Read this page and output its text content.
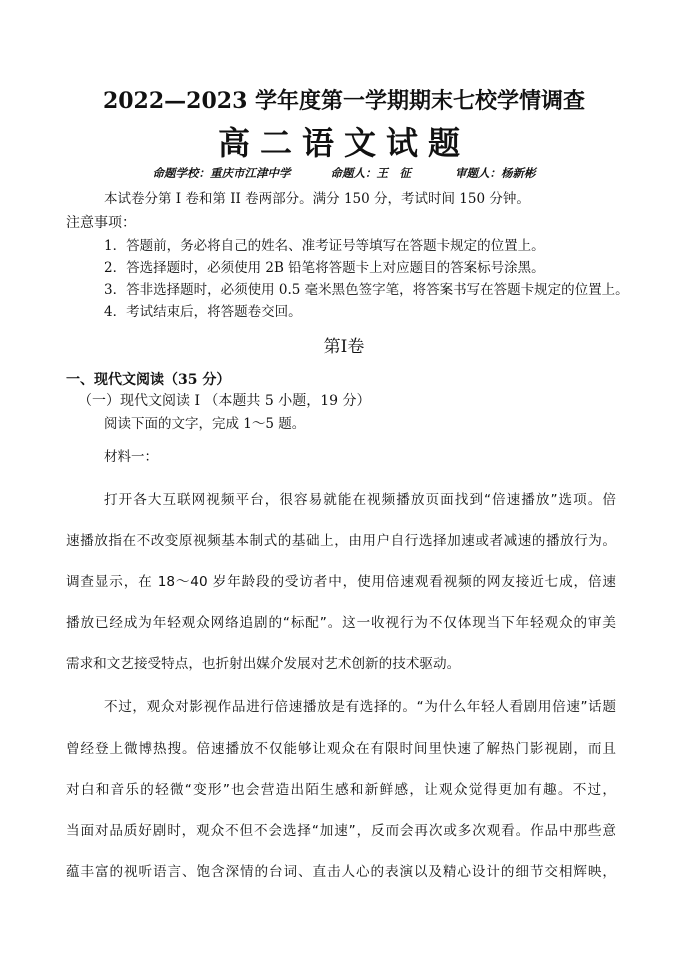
2022—2023 学年度第一学期期末七校学情调查
高二语文试题
命题学校：重庆市江津中学	命题人：王　征	审题人：杨新彬
本试卷分第 I 卷和第 II 卷两部分。满分 150 分，考试时间 150 分钟。
注意事项：
1．答题前，务必将自己的姓名、准考证号等填写在答题卡规定的位置上。
2．答选择题时，必须使用 2B 铅笔将答题卡上对应题目的答案标号涂黑。
3．答非选择题时，必须使用 0.5 毫米黑色签字笔，将答案书写在答题卡规定的位置上。
4．考试结束后，将答题卷交回。
第Ⅰ卷
一、现代文阅读（35 分）
（一）现代文阅读 I （本题共 5 小题，19 分）
阅读下面的文字，完成 1～5 题。
材料一：
打开各大互联网视频平台，很容易就能在视频播放页面找到“倍速播放”选项。倍
速播放指在不改变原视频基本制式的基础上，由用户自行选择加速或者减速的播放行为。
调查显示，在 18～40 岁年龄段的受访者中，使用倍速观看视频的网友接近七成，倍速
播放已经成为年轻观众网络追剧的“标配”。这一收视行为不仅体现当下年轻观众的审美
需求和文艺接受特点，也折射出媒介发展对艺术创新的技术驱动。
不过，观众对影视作品进行倍速播放是有选择的。“为什么年轻人看剧用倍速”话题
曾经登上微博热搜。倍速播放不仅能够让观众在有限时间里快速了解热门影视剧，而且
对白和音乐的轻微“变形”也会营造出陌生感和新鲜感，让观众觉得更加有趣。不过，
当面对品质好剧时，观众不但不会选择“加速”，反而会再次或多次观看。作品中那些意
蕴丰富的视听语言、饱含深情的台词、直击人心的表演以及精心设计的细节交相辉映，
